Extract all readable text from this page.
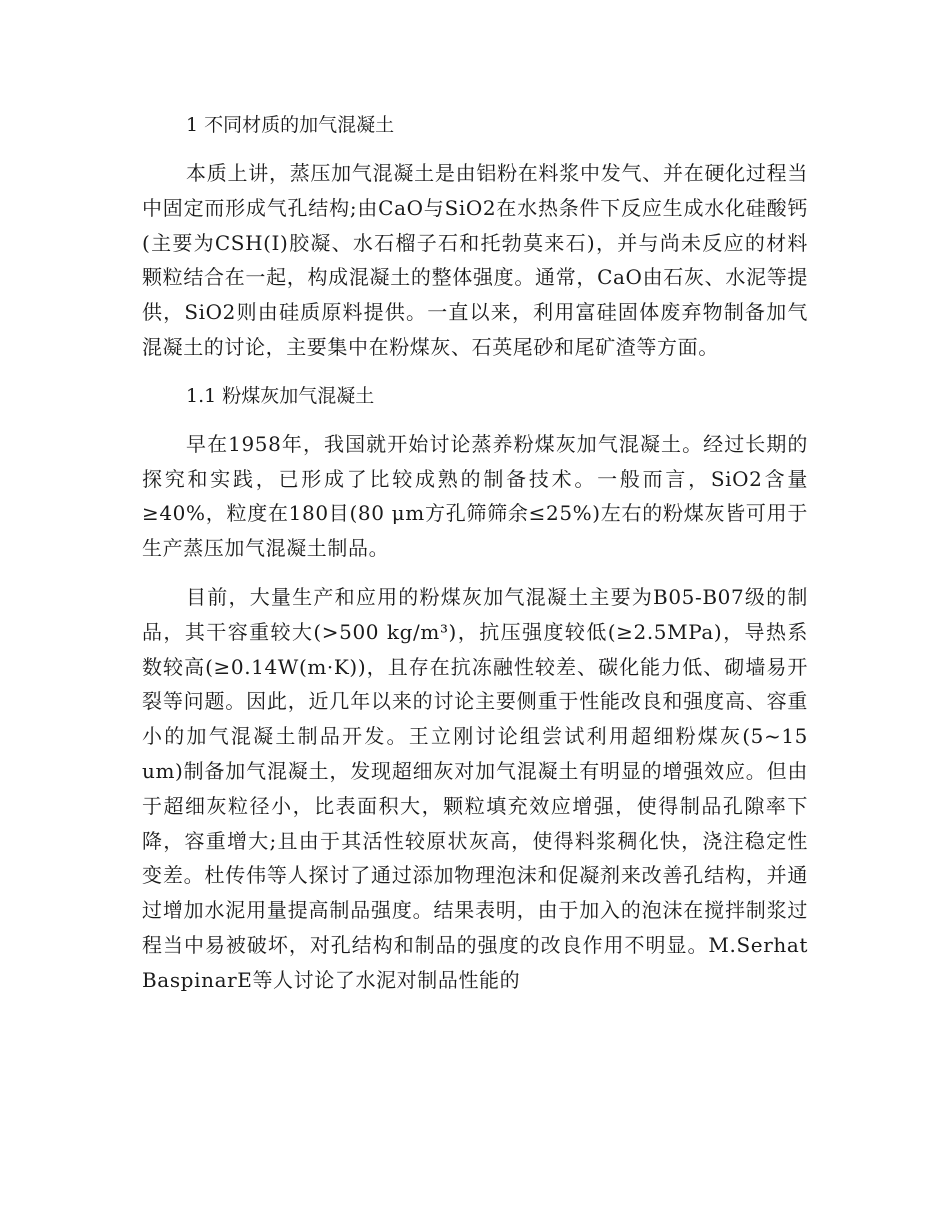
1 不同材质的加气混凝土

本质上讲，蒸压加气混凝土是由铝粉在料浆中发气、并在硬化过程当中固定而形成气孔结构;由CaO与SiO2在水热条件下反应生成水化硅酸钙(主要为CSH(I)胶凝、水石榴子石和托勃莫来石)，并与尚未反应的材料颗粒结合在一起，构成混凝土的整体强度。通常，CaO由石灰、水泥等提供，SiO2则由硅质原料提供。一直以来，利用富硅固体废弃物制备加气混凝土的讨论，主要集中在粉煤灰、石英尾砂和尾矿渣等方面。

1.1 粉煤灰加气混凝土

早在1958年，我国就开始讨论蒸养粉煤灰加气混凝土。经过长期的探究和实践，已形成了比较成熟的制备技术。一般而言，SiO2含量≥40%，粒度在180目(80 μm方孔筛筛余≤25%)左右的粉煤灰皆可用于生产蒸压加气混凝土制品。

目前，大量生产和应用的粉煤灰加气混凝土主要为B05-B07级的制品，其干容重较大(>500 kg/m³)，抗压强度较低(≥2.5MPa)，导热系数较高(≥0.14W(m·K))，且存在抗冻融性较差、碳化能力低、砌墙易开裂等问题。因此，近几年以来的讨论主要侧重于性能改良和强度高、容重小的加气混凝土制品开发。王立刚讨论组尝试利用超细粉煤灰(5~15 um)制备加气混凝土，发现超细灰对加气混凝土有明显的增强效应。但由于超细灰粒径小，比表面积大，颗粒填充效应增强，使得制品孔隙率下降，容重增大;且由于其活性较原状灰高，使得料浆稠化快，浇注稳定性变差。杜传伟等人探讨了通过添加物理泡沫和促凝剂来改善孔结构，并通过增加水泥用量提高制品强度。结果表明，由于加入的泡沫在搅拌制浆过程当中易被破坏，对孔结构和制品的强度的改良作用不明显。M.Serhat BaspinarE等人讨论了水泥对制品性能的
